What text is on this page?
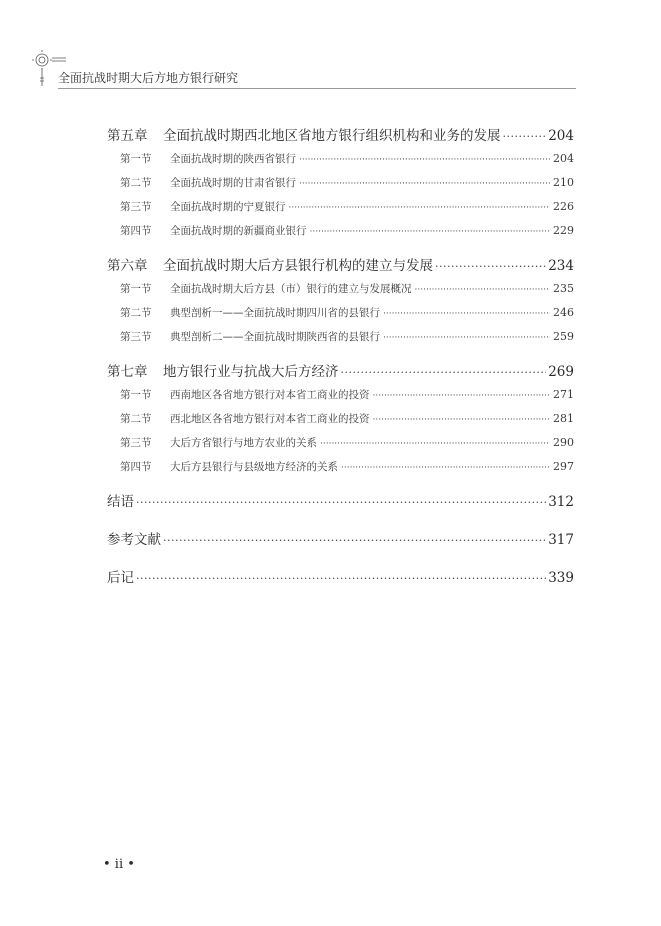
全面抗战时期大后方地方银行研究
第五章 全面抗战时期西北地区省地方银行组织机构和业务的发展 ·····	204
第一节 全面抗战时期的陕西省银行 ·····	204
第二节 全面抗战时期的甘肃省银行 ·····	210
第三节 全面抗战时期的宁夏银行 ·····	226
第四节 全面抗战时期的新疆商业银行 ·····	229
第六章 全面抗战时期大后方县银行机构的建立与发展 ·····	234
第一节 全面抗战时期大后方县（市）银行的建立与发展概况 ·····	235
第二节 典型剖析一——全面抗战时期四川省的县银行 ·····	246
第三节 典型剖析二——全面抗战时期陕西省的县银行 ·····	259
第七章 地方银行业与抗战大后方经济 ·····	269
第一节 西南地区各省地方银行对本省工商业的投资 ·····	271
第二节 西北地区各省地方银行对本省工商业的投资 ·····	281
第三节 大后方省银行与地方农业的关系 ·····	290
第四节 大后方县银行与县级地方经济的关系 ·····	297
结语 ·····	312
参考文献 ·····	317
后记 ·····	339
• ii •
